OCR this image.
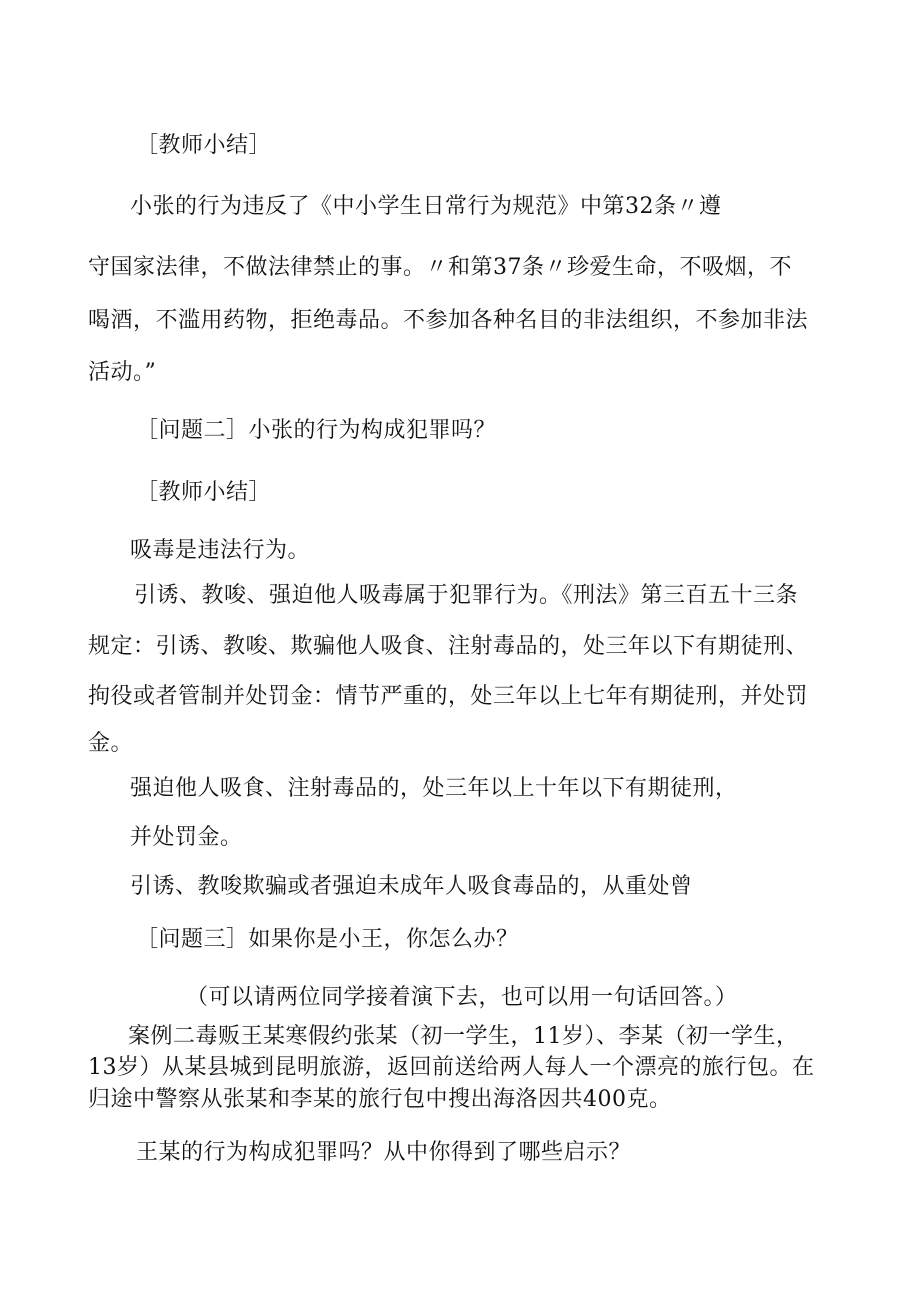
［教师小结］
小张的行为违反了《中小学生日常行为规范》中第32条〃遵
守国家法律，不做法律禁止的事。〃和第37条〃珍爱生命，不吸烟，不
喝酒，不滥用药物，拒绝毒品。不参加各种名目的非法组织，不参加非法
活动。”
［问题二］小张的行为构成犯罪吗？
［教师小结］
吸毒是违法行为。
引诱、教唆、强迫他人吸毒属于犯罪行为。《刑法》第三百五十三条
规定：引诱、教唆、欺骗他人吸食、注射毒品的，处三年以下有期徒刑、
拘役或者管制并处罚金：情节严重的，处三年以上七年有期徒刑，并处罚
金。
强迫他人吸食、注射毒品的，处三年以上十年以下有期徒刑，
并处罚金。
引诱、教唆欺骗或者强迫未成年人吸食毒品的，从重处曾
［问题三］如果你是小王，你怎么办？
（可以请两位同学接着演下去，也可以用一句话回答。）
案例二毒贩王某寒假约张某（初一学生，11岁）、李某（初一学生，
13岁）从某县城到昆明旅游，返回前送给两人每人一个漂亮的旅行包。在
归途中警察从张某和李某的旅行包中搜出海洛因共400克。
王某的行为构成犯罪吗？从中你得到了哪些启示？
